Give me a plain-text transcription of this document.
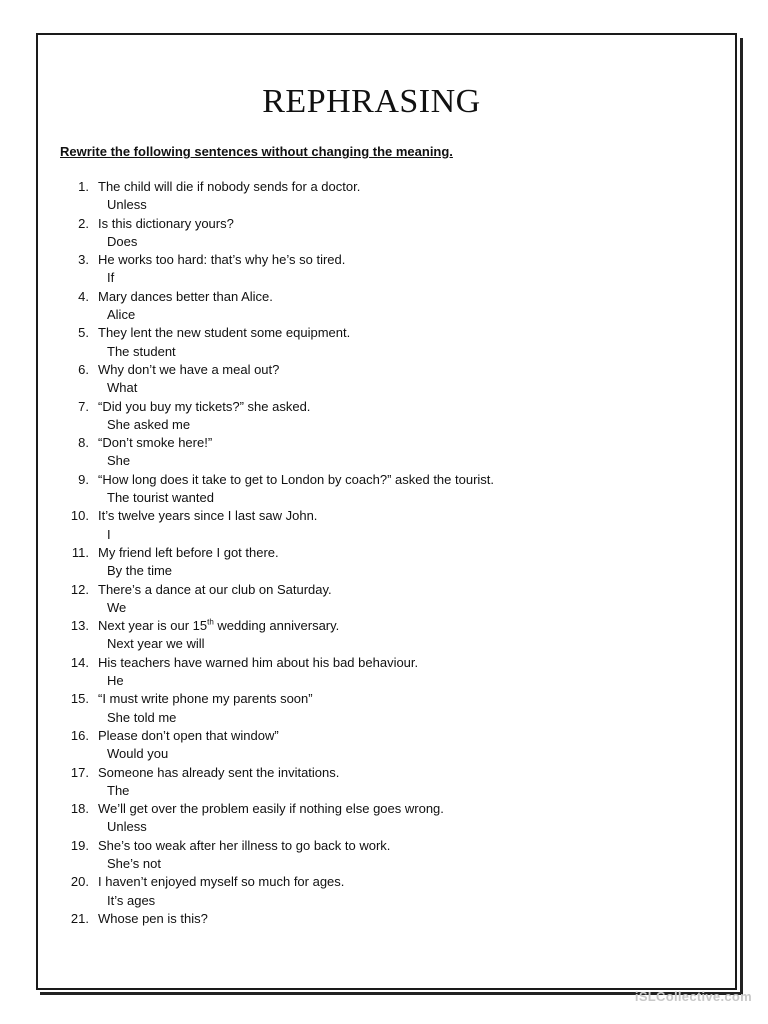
REPHRASING
Rewrite the following sentences without changing the meaning.
1. The child will die if nobody sends for a doctor.
Unless
2. Is this dictionary yours?
Does
3. He works too hard: that’s why he’s so tired.
If
4. Mary dances better than Alice.
Alice
5. They lent the new student some equipment.
The student
6. Why don’t we have a meal out?
What
7. “Did you buy my tickets?” she asked.
She asked me
8. “Don’t smoke here!”
She
9. “How long does it take to get to London by coach?” asked the tourist.
The tourist wanted
10. It’s twelve years since I last saw John.
I
11. My friend left before I got there.
By the time
12. There’s a dance at our club on Saturday.
We
13. Next year is our 15th wedding anniversary.
Next year we will
14. His teachers have warned him about his bad behaviour.
He
15. “I must write phone my parents soon”
She told me
16. Please don’t open that window”
Would you
17. Someone has already sent the invitations.
The
18. We’ll get over the problem easily if nothing else goes wrong.
Unless
19. She’s too weak after her illness to go back to work.
She’s not
20. I haven’t enjoyed myself so much for ages.
It’s ages
21. Whose pen is this?
iSLCollective.com
